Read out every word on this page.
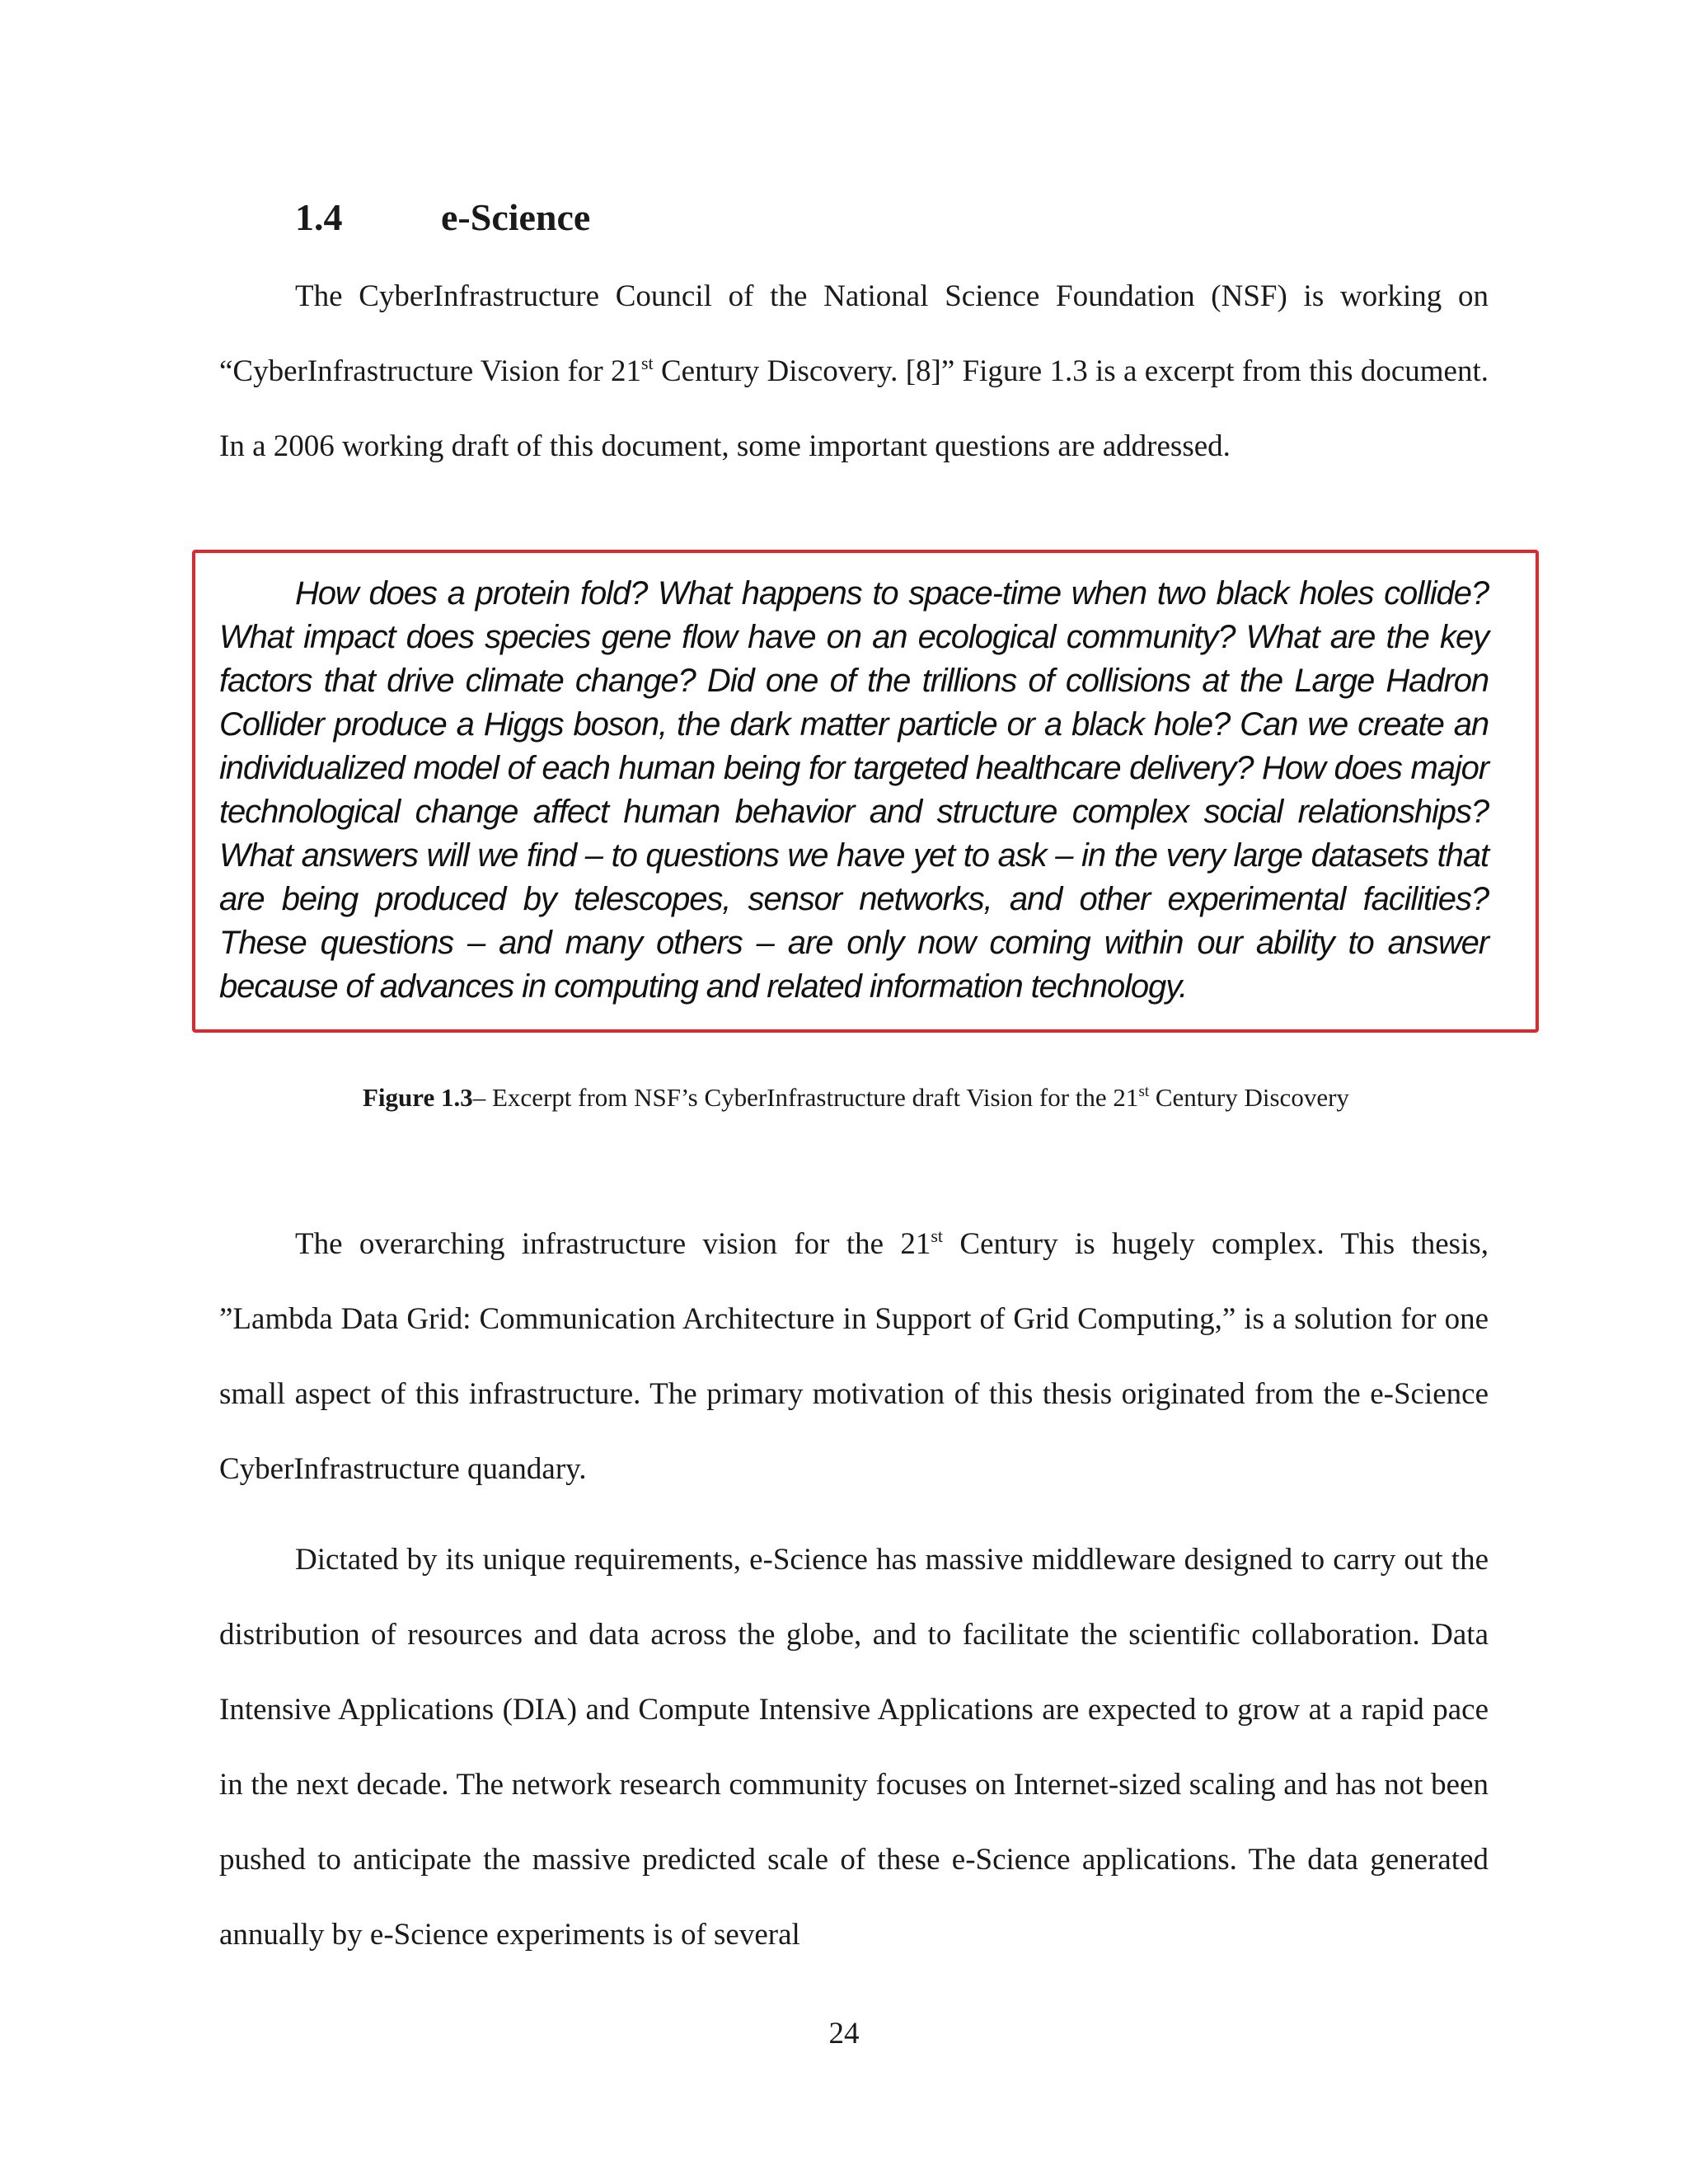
1.4	e-Science

The CyberInfrastructure Council of the National Science Foundation (NSF) is working on “CyberInfrastructure Vision for 21st Century Discovery. [8]” Figure 1.3 is a excerpt from this document. In a 2006 working draft of this document, some important questions are addressed.

How does a protein fold? What happens to space-time when two black holes collide? What impact does species gene flow have on an ecological community? What are the key factors that drive climate change? Did one of the trillions of collisions at the Large Hadron Collider produce a Higgs boson, the dark matter particle or a black hole? Can we create an individualized model of each human being for targeted healthcare delivery? How does major technological change affect human behavior and structure complex social relationships? What answers will we find – to questions we have yet to ask – in the very large datasets that are being produced by telescopes, sensor networks, and other experimental facilities? These questions – and many others – are only now coming within our ability to answer because of advances in computing and related information technology.

Figure 1.3– Excerpt from NSF’s CyberInfrastructure draft Vision for the 21st Century Discovery

The overarching infrastructure vision for the 21st Century is hugely complex. This thesis, ”Lambda Data Grid: Communication Architecture in Support of Grid Computing,” is a solution for one small aspect of this infrastructure. The primary motivation of this thesis originated from the e-Science CyberInfrastructure quandary.

Dictated by its unique requirements, e-Science has massive middleware designed to carry out the distribution of resources and data across the globe, and to facilitate the scientific collaboration. Data Intensive Applications (DIA) and Compute Intensive Applications are expected to grow at a rapid pace in the next decade. The network research community focuses on Internet-sized scaling and has not been pushed to anticipate the massive predicted scale of these e-Science applications. The data generated annually by e-Science experiments is of several

24
